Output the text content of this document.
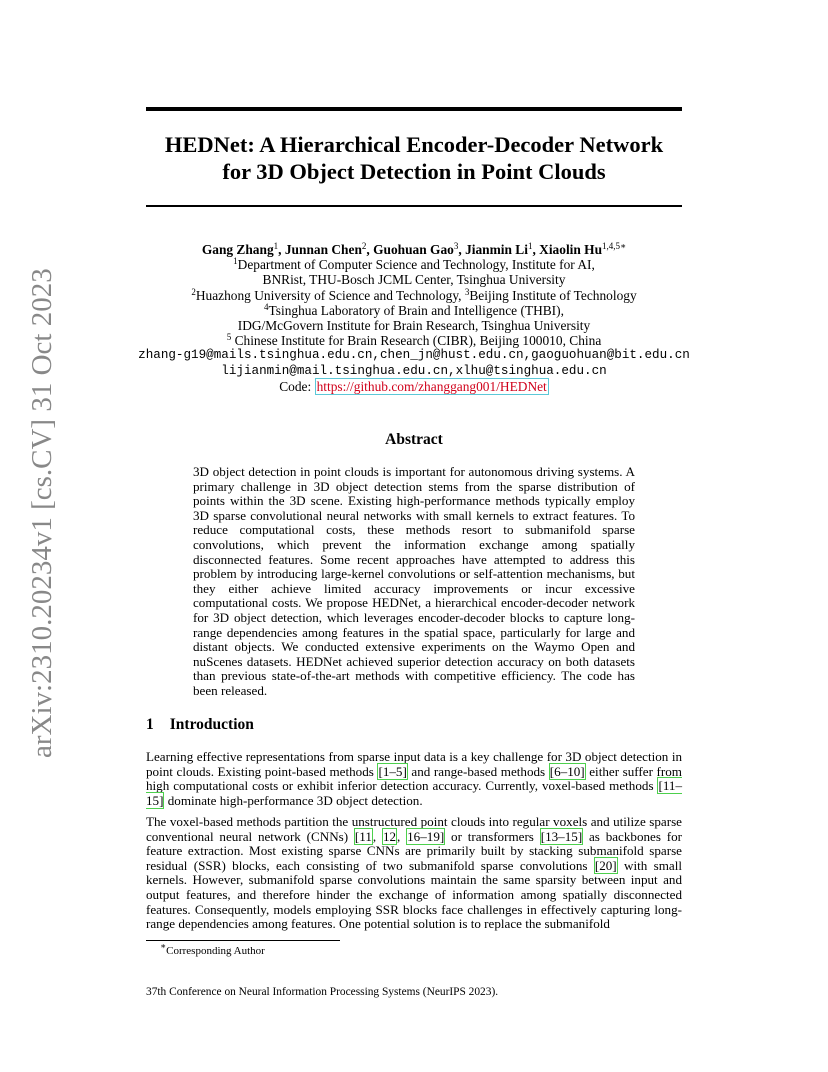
arXiv:2310.20234v1 [cs.CV] 31 Oct 2023
HEDNet: A Hierarchical Encoder-Decoder Network
for 3D Object Detection in Point Clouds
Gang Zhang$^1$, Junnan Chen$^2$, Guohuan Gao$^3$, Jianmin Li$^1$, Xiaolin $Hu^{1,4,5∗}$
$^1$Department of Computer Science and Technology, Institute for AI,
BNRist, THU-Bosch JCML Center, Tsinghua University
$^2$Huazhong University of Science and Technology, $^3$Beijing Institute of Technology
$^4$Tsinghua Laboratory of Brain and Intelligence (THBI),
IDG/McGovern Institute for Brain Research, Tsinghua University
$^5$ Chinese Institute for Brain Research (CIBR), Beijing 100010, China
zhang-g19@mails.tsinghua.edu.cn,chen_jn@hust.edu.cn,gaoguohuan@bit.edu.cn
lijianmin@mail.tsinghua.edu.cn,xlhu@tsinghua.edu.cn
Code: https://github.com/zhanggang001/HEDNet
Abstract
3D object detection in point clouds is important for autonomous driving systems. A primary challenge in 3D object detection stems from the sparse distribution of points within the 3D scene. Existing high-performance methods typically employ 3D sparse convolutional neural networks with small kernels to extract features. To reduce computational costs, these methods resort to submanifold sparse convolutions, which prevent the information exchange among spatially disconnected features. Some recent approaches have attempted to address this problem by introducing large-kernel convolutions or self-attention mechanisms, but they either achieve limited accuracy improvements or incur excessive computational costs. We propose HEDNet, a hierarchical encoder-decoder network for 3D object detection, which leverages encoder-decoder blocks to capture long-range dependencies among features in the spatial space, particularly for large and distant objects. We conducted extensive experiments on the Waymo Open and nuScenes datasets. HEDNet achieved superior detection accuracy on both datasets than previous state-of-the-art methods with competitive efficiency. The code has been released.
1 Introduction
Learning effective representations from sparse input data is a key challenge for 3D object detection in point clouds. Existing point-based methods [1–5] and range-based methods [6–10] either suffer from high computational costs or exhibit inferior detection accuracy. Currently, voxel-based methods [11–15] dominate high-performance 3D object detection.
The voxel-based methods partition the unstructured point clouds into regular voxels and utilize sparse conventional neural network (CNNs) [11, 12, 16–19] or transformers [13–15] as backbones for feature extraction. Most existing sparse CNNs are primarily built by stacking submanifold sparse residual (SSR) blocks, each consisting of two submanifold sparse convolutions [20] with small kernels. However, submanifold sparse convolutions maintain the same sparsity between input and output features, and therefore hinder the exchange of information among spatially disconnected features. Consequently, models employing SSR blocks face challenges in effectively capturing long-range dependencies among features. One potential solution is to replace the submanifold
∗Corresponding Author
37th Conference on Neural Information Processing Systems (NeurIPS 2023).
